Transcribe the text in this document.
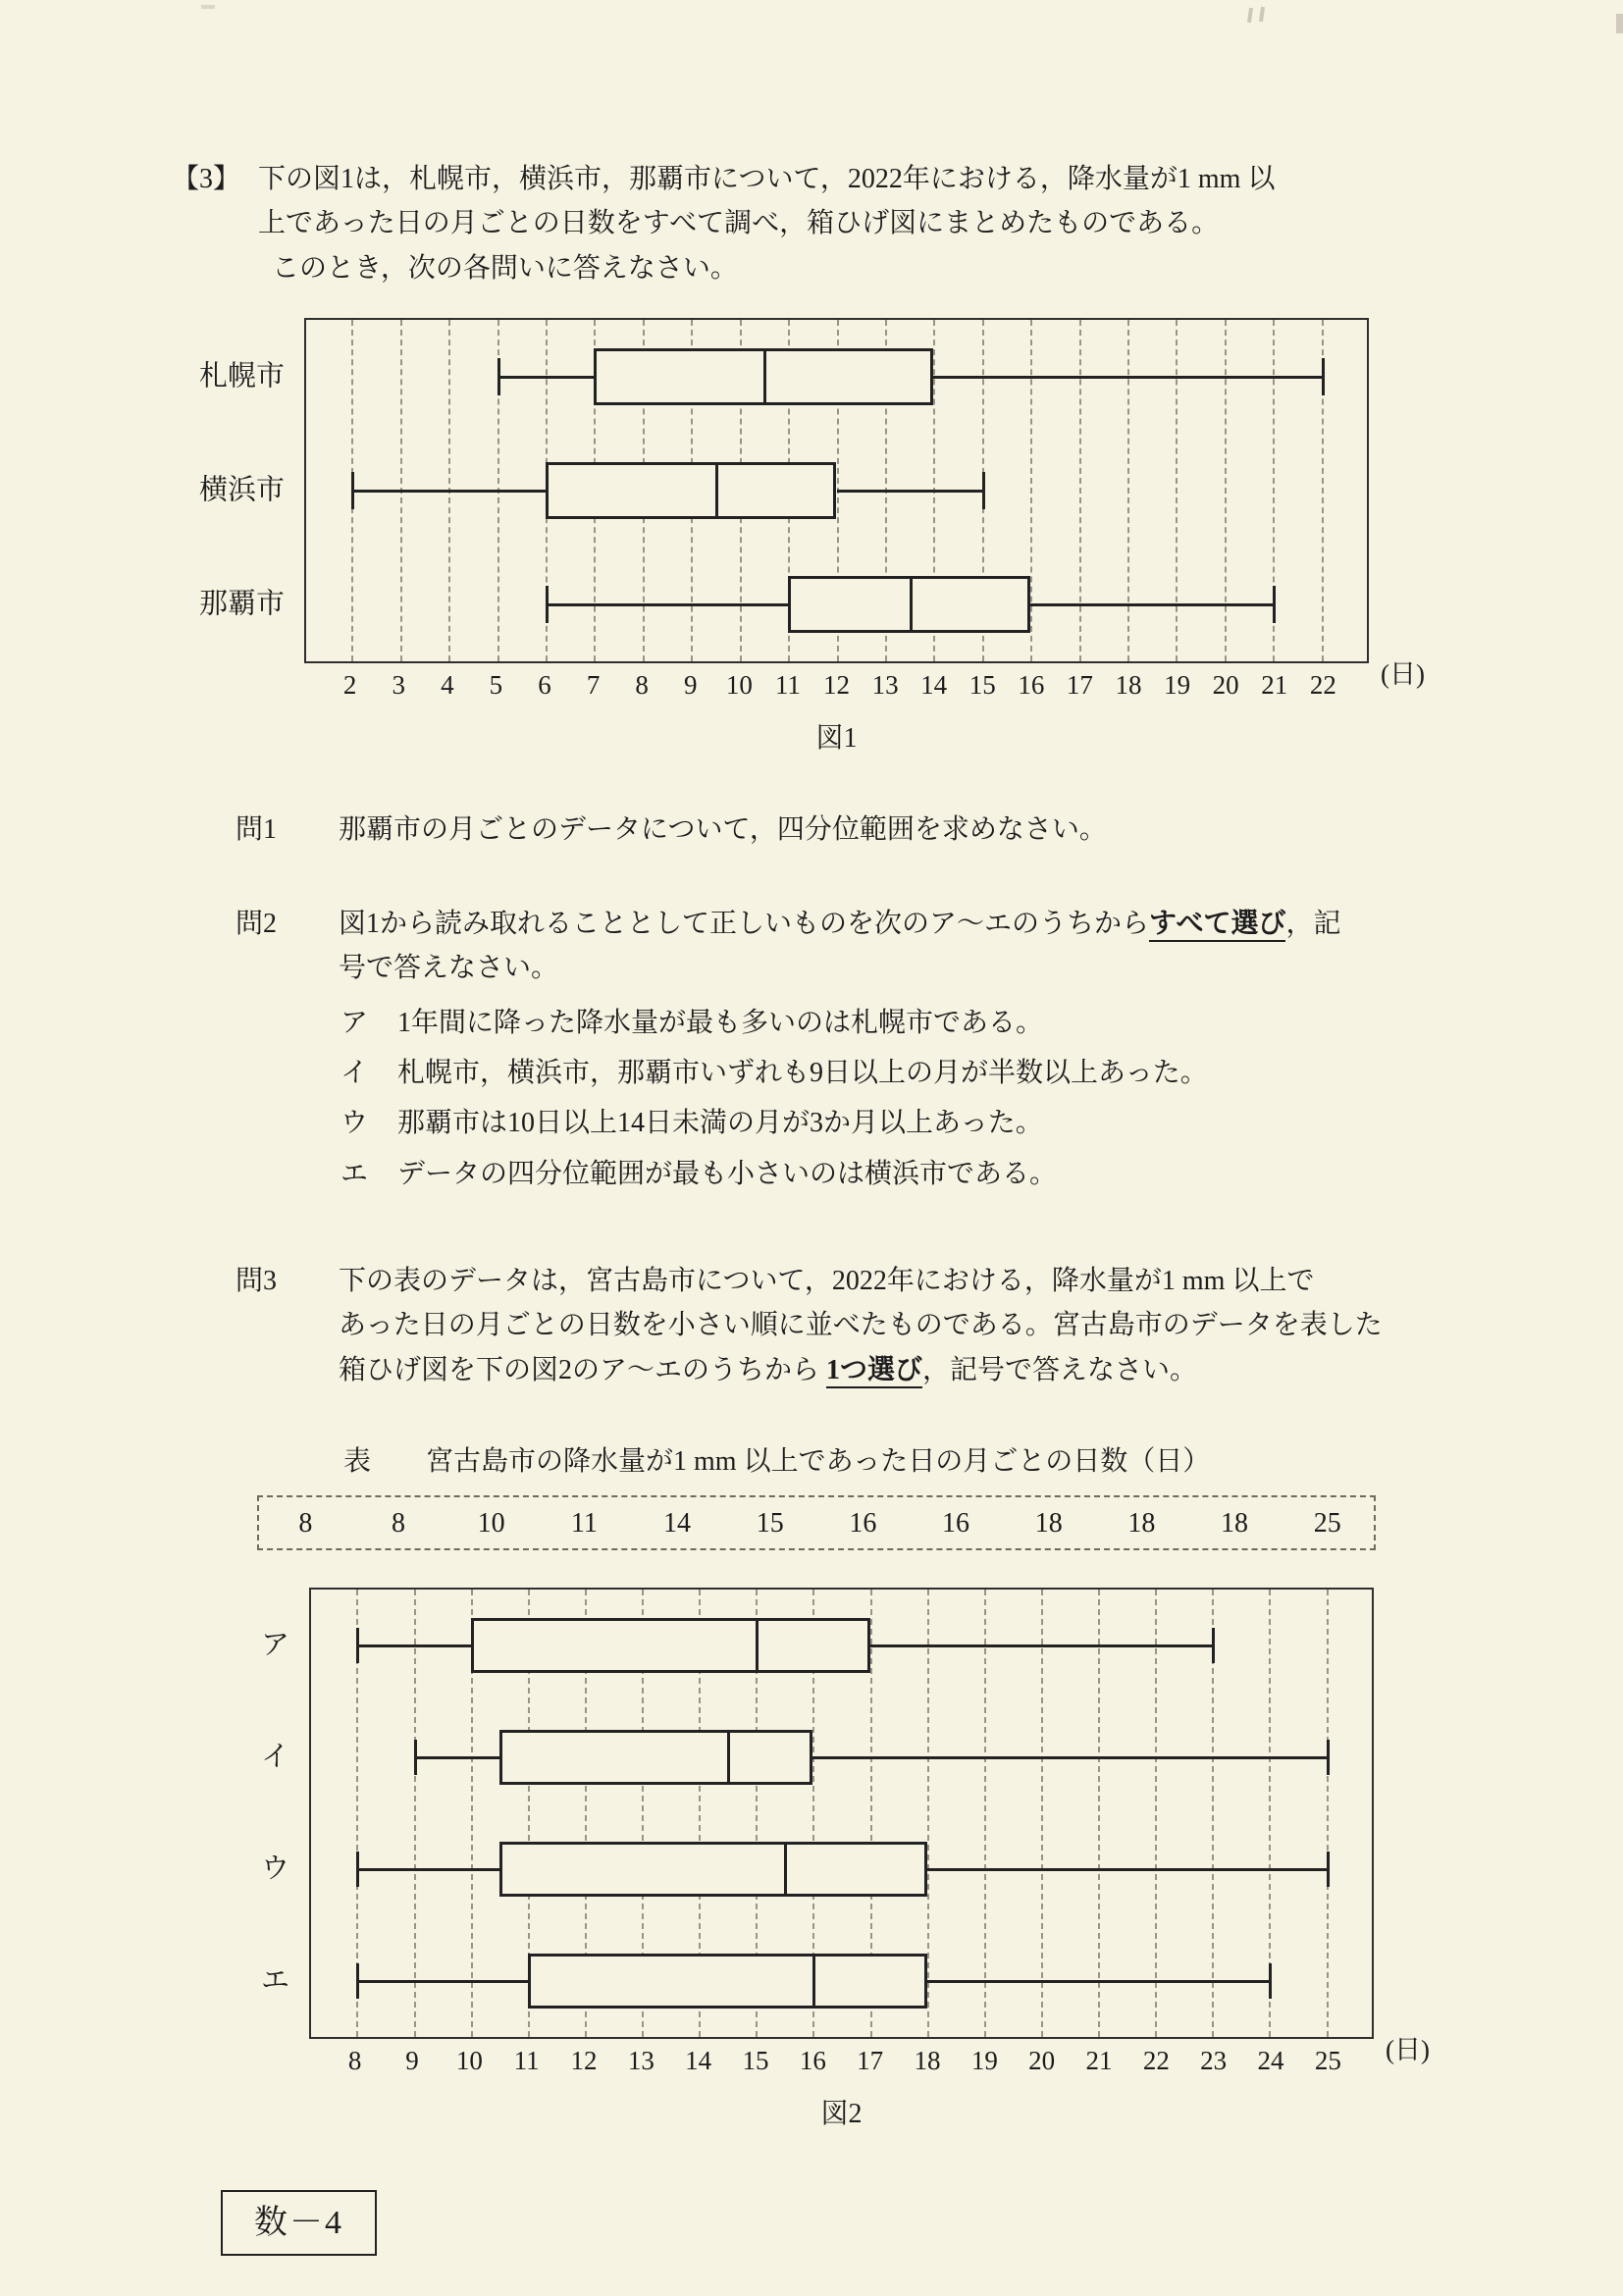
【3】 下の図1は，札幌市，横浜市，那覇市について，2022年における，降水量が1 mm 以
上であった日の月ごとの日数をすべて調べ，箱ひげ図にまとめたものである。
このとき，次の各問いに答えなさい。
札幌市
横浜市
那覇市
(日)
2 3 4 5 6 7 8 9 10 11 12 13 14 15 16 17 18 19 20 21 22
図1
問1	那覇市の月ごとのデータについて，四分位範囲を求めなさい。
問2	図1から読み取れることとして正しいものを次のア～エのうちからすべて選び，記
号で答えなさい。
ア	1年間に降った降水量が最も多いのは札幌市である。
イ	札幌市，横浜市，那覇市いずれも9日以上の月が半数以上あった。
ウ	那覇市は10日以上14日未満の月が3か月以上あった。
エ	データの四分位範囲が最も小さいのは横浜市である。
問3	下の表のデータは，宮古島市について，2022年における，降水量が1 mm 以上で
あった日の月ごとの日数を小さい順に並べたものである。宮古島市のデータを表した
箱ひげ図を下の図2のア～エのうちから 1つ選び，記号で答えなさい。
表 宮古島市の降水量が1 mm 以上であった日の月ごとの日数（日）
8	8	10	11	14	15	16	16	18	18	18	25
ア
イ
ウ
エ
(日)
8 9 10 11 12 13 14 15 16 17 18 19 20 21 22 23 24 25
図2
数－4
